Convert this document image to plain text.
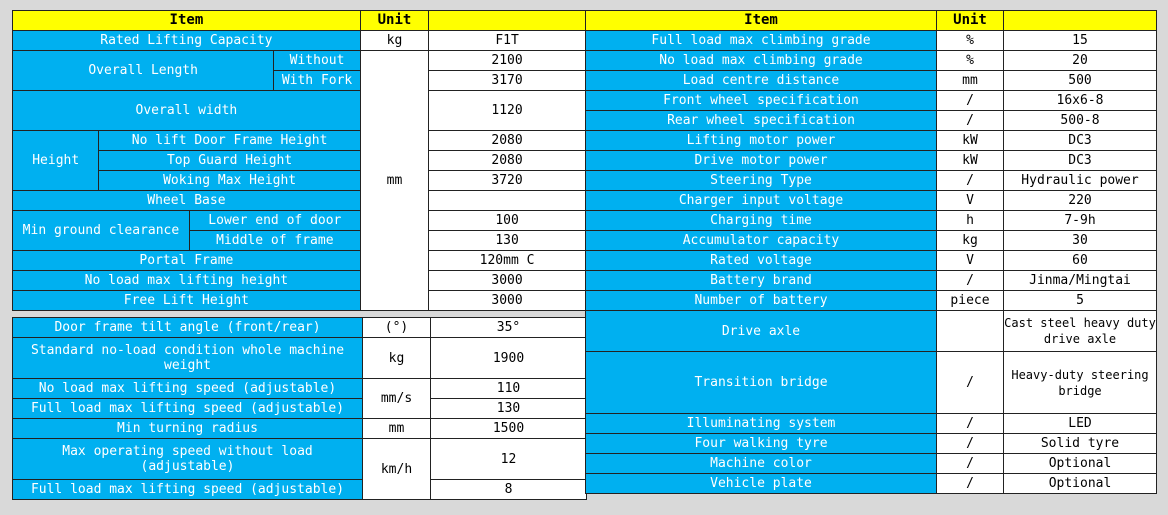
Item				Unit	
Rated Lifting Capacity				kg	F1T
Overall Length			Without	mm	2100
			With Fork		3170
Overall width					1120

Height	No lift Door Frame Height				2080
	Top Guard Height				2080
	Woking Max Height				3720
Wheel Base					
Min ground clearance		Lower end of door			100
		Middle of frame			130
Portal Frame					120mm C
No load max lifting height					3000
Free Lift Height					3000
Door frame tilt angle (front/rear)	(°)	35°
Standard no-load condition whole machine weight	kg	1900
No load max lifting speed (adjustable)	mm/s	110
Full load max lifting speed (adjustable)		130
Min turning radius	mm	1500
Max operating speed without load (adjustable)	km/h	12
Full load max lifting speed (adjustable)		8
Item	Unit	
Full load max climbing grade	%	15
No load max climbing grade	%	20
Load centre distance	mm	500
Front wheel specification	/	16x6-8
Rear wheel specification	/	500-8
Lifting motor power	kW	DC3
Drive motor power	kW	DC3
Steering Type	/	Hydraulic power
Charger input voltage	V	220
Charging time	h	7-9h
Accumulator capacity	kg	30
Rated voltage	V	60
Battery brand	/	Jinma/Mingtai
Number of battery	piece	5
Drive axle		Cast steel heavy duty drive axle
Transition bridge	/	Heavy-duty steering bridge
Illuminating system	/	LED
Four walking tyre	/	Solid tyre
Machine color	/	Optional
Vehicle plate	/	Optional
